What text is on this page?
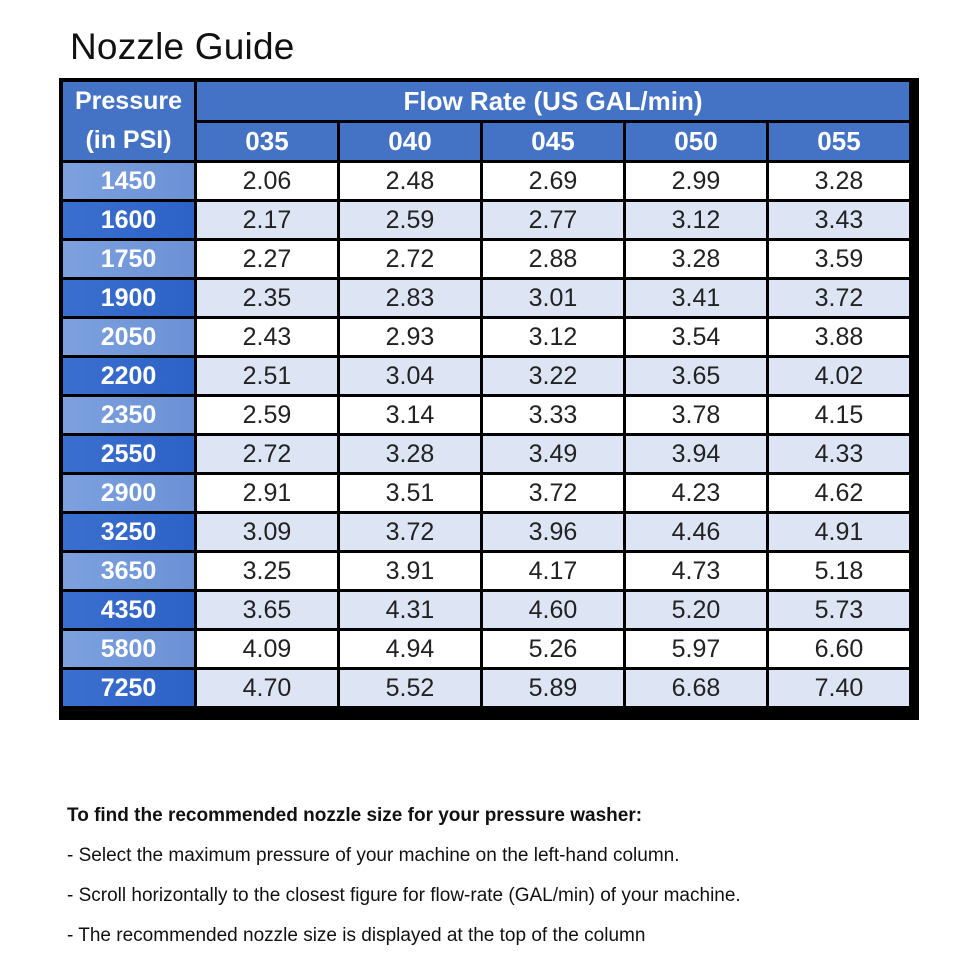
Nozzle Guide
Pressure
(in PSI)	Flow Rate (US GAL/min)				
	035	040	045	050	055
1450	2.06	2.48	2.69	2.99	3.28
1600	2.17	2.59	2.77	3.12	3.43
1750	2.27	2.72	2.88	3.28	3.59
1900	2.35	2.83	3.01	3.41	3.72
2050	2.43	2.93	3.12	3.54	3.88
2200	2.51	3.04	3.22	3.65	4.02
2350	2.59	3.14	3.33	3.78	4.15
2550	2.72	3.28	3.49	3.94	4.33
2900	2.91	3.51	3.72	4.23	4.62
3250	3.09	3.72	3.96	4.46	4.91
3650	3.25	3.91	4.17	4.73	5.18
4350	3.65	4.31	4.60	5.20	5.73
5800	4.09	4.94	5.26	5.97	6.60
7250	4.70	5.52	5.89	6.68	7.40
To find the recommended nozzle size for your pressure washer:
- Select the maximum pressure of your machine on the left-hand column.
- Scroll horizontally to the closest figure for flow-rate (GAL/min) of your machine.
- The recommended nozzle size is displayed at the top of the column
